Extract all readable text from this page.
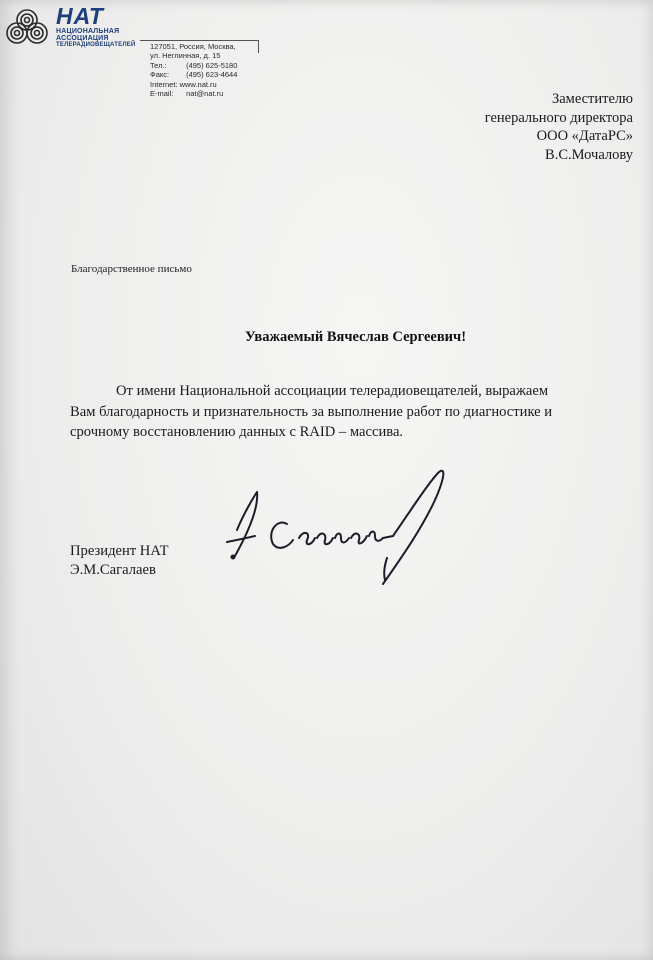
НАТ
НАЦИОНАЛЬНАЯ
АССОЦИАЦИЯ
ТЕЛЕРАДИОВЕЩАТЕЛЕЙ 127051, Россия, Москва,
ул. Неглинная, д. 15
Тел.:	(495) 625-5180
Факс: (495) 623-4644
Internet: www.nat.ru
E-mail: nat@nat.ru	Заместителю
генерального директора
ООО «ДатаРС»
В.С.Мочалову
Благодарственное письмо
Уважаемый Вячеслав Сергеевич!
От имени Национальной ассоциации телерадиовещателей, выражаем
Вам благодарность и признательность за выполнение работ по диагностике и
срочному восстановлению данных с RAID – массива.
Президент НАТ
Э.М.Сагалаев
